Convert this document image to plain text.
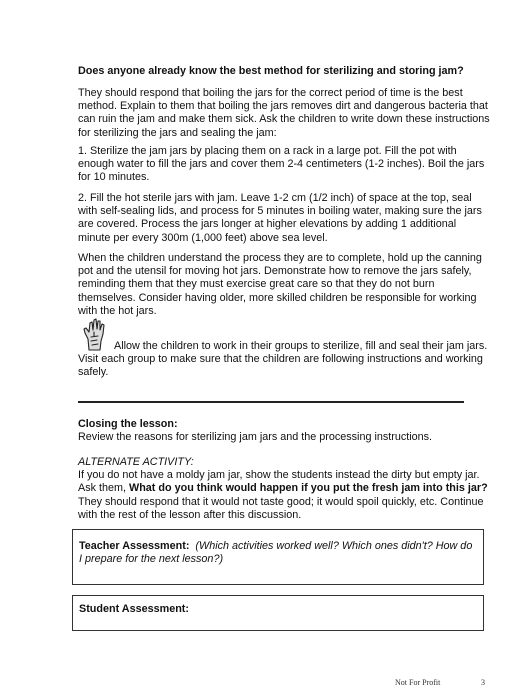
Does anyone already know the best method for sterilizing and storing jam?

They should respond that boiling the jars for the correct period of time is the best method. Explain to them that boiling the jars removes dirt and dangerous bacteria that can ruin the jam and make them sick. Ask the children to write down these instructions for sterilizing the jars and sealing the jam:

1. Sterilize the jam jars by placing them on a rack in a large pot. Fill the pot with enough water to fill the jars and cover them 2-4 centimeters (1-2 inches). Boil the jars for 10 minutes.

2. Fill the hot sterile jars with jam. Leave 1-2 cm (1/2 inch) of space at the top, seal with self-sealing lids, and process for 5 minutes in boiling water, making sure the jars are covered. Process the jars longer at higher elevations by adding 1 additional minute per every 300m (1,000 feet) above sea level.

When the children understand the process they are to complete, hold up the canning pot and the utensil for moving hot jars. Demonstrate how to remove the jars safely, reminding them that they must exercise great care so that they do not burn themselves. Consider having older, more skilled children be responsible for working with the hot jars.

Allow the children to work in their groups to sterilize, fill and seal their jam jars.

Visit each group to make sure that the children are following instructions and working safely.

Closing the lesson:

Review the reasons for sterilizing jam jars and the processing instructions.

ALTERNATE ACTIVITY:

If you do not have a moldy jam jar, show the students instead the dirty but empty jar.

Ask them, What do you think would happen if you put the fresh jam into this jar?

They should respond that it would not taste good; it would spoil quickly, etc. Continue with the rest of the lesson after this discussion.

Teacher Assessment: (Which activities worked well? Which ones didn't? How do I prepare for the next lesson?)

Student Assessment:

Not For Profit	3
